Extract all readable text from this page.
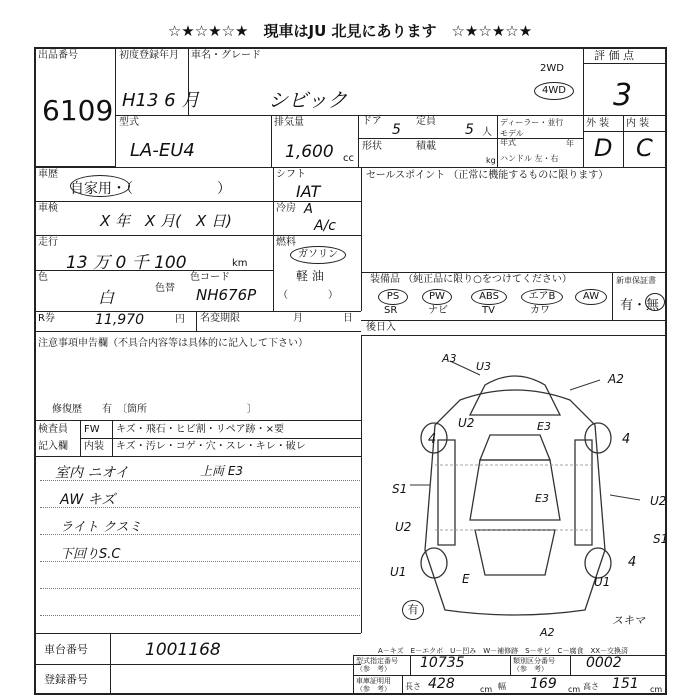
☆★☆★☆★　現車はJU 北見にあります　☆★☆★☆★
出品番号
6109
初度登録年月
H13 6 月
車名・グレード
シビック
2WD
4WD
評 価 点
3
外 装 内 装
D C
型式
LA-EU4
排気量
1,600 cc
ドア
5
定員
5 人
ディーラー・並行
モデル 年式	年
形状	積載
kg ハンドル 左・右
車歴
自家用・（　　　　　　）
シフト
IAT
車検
X 年　X 月(　X 日)
冷房 A
A/c
走行
13 万 0 千 100	km
燃料
ガソリン
軽 油
（　　　　）
色
白	色替
色コード
NH676P
セールスポイント （正常に機能するものに限ります）
装備品 （純正品に限り○をつけてください）	新車保証書
有・無
PS	PW	ABS	エアB	AW
SR	ナビ	TV	カワ
R券	11,970	円 名変期限	月	日
後日入
注意事項申告欄（不具合内容等は具体的に記入して下さい）
修復歴　　有　〔箇所　　　　　　　　　　〕
検査員
記入欄
FW キズ・飛石・ヒビ割・リペア跡・×要
内装 キズ・汚レ・コゲ・穴・スレ・キレ・破レ
室内 ニオイ	上両 E3
AW キズ
ライト クスミ
下回りS.C
A3
U3
A2
U2	E3
4	4
S1
E3	U2
U2
S1
U1
4
E	U1
有
スキマ
A2
A－キズ　E－エクボ　U－凹み　W－補修跡　S－サビ　C－腐食　XX－交換済
車台番号	1001168
登録番号
型式指定番号（参　考）	10735	類別区分番号（参　考）	0002
車庫証明用（参　考）	長さ 428	cm 幅 169 cm 高さ 151 cm
